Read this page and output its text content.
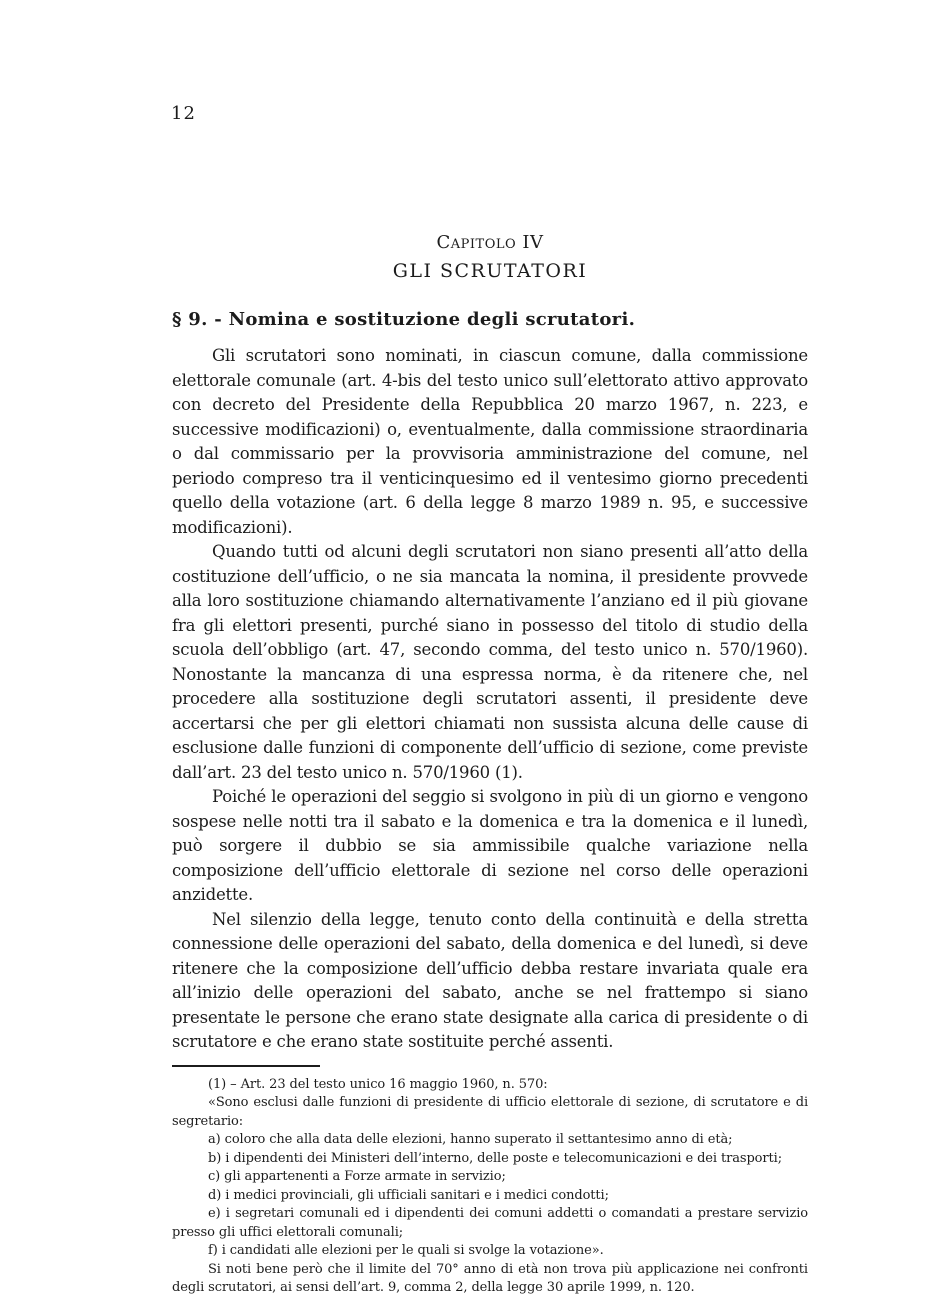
12
Capitolo IV
GLI SCRUTATORI
§ 9. - Nomina e sostituzione degli scrutatori.

Gli scrutatori sono nominati, in ciascun comune, dalla commissione elettorale comunale (art. 4-bis del testo unico sull’elettorato attivo approvato con decreto del Presidente della Repubblica 20 marzo 1967, n. 223, e successive modificazioni) o, eventualmente, dalla commissione straordinaria o dal commissario per la provvisoria amministrazione del comune, nel periodo compreso tra il venticinquesimo ed il ventesimo giorno precedenti quello della votazione (art. 6 della legge 8 marzo 1989 n. 95, e successive modificazioni).

Quando tutti od alcuni degli scrutatori non siano presenti all’atto della costituzione dell’ufficio, o ne sia mancata la nomina, il presidente provvede alla loro sostituzione chiamando alternativamente l’anziano ed il più giovane fra gli elettori presenti, purché siano in possesso del titolo di studio della scuola dell’obbligo (art. 47, secondo comma, del testo unico n. 570/1960). Nonostante la mancanza di una espressa norma, è da ritenere che, nel procedere alla sostituzione degli scrutatori assenti, il presidente deve accertarsi che per gli elettori chiamati non sussista alcuna delle cause di esclusione dalle funzioni di componente dell’ufficio di sezione, come previste dall’art. 23 del testo unico n. 570/1960 (1).

Poiché le operazioni del seggio si svolgono in più di un giorno e vengono sospese nelle notti tra il sabato e la domenica e tra la domenica e il lunedì, può sorgere il dubbio se sia ammissibile qualche variazione nella composizione dell’ufficio elettorale di sezione nel corso delle operazioni anzidette.

Nel silenzio della legge, tenuto conto della continuità e della stretta connessione delle operazioni del sabato, della domenica e del lunedì, si deve ritenere che la composizione dell’ufficio debba restare invariata quale era all’inizio delle operazioni del sabato, anche se nel frattempo si siano presentate le persone che erano state designate alla carica di presidente o di scrutatore e che erano state sostituite perché assenti.

(1) – Art. 23 del testo unico 16 maggio 1960, n. 570:

«Sono esclusi dalle funzioni di presidente di ufficio elettorale di sezione, di scrutatore e di segretario:

a) coloro che alla data delle elezioni, hanno superato il settantesimo anno di età;

b) i dipendenti dei Ministeri dell’interno, delle poste e telecomunicazioni e dei trasporti;

c) gli appartenenti a Forze armate in servizio;

d) i medici provinciali, gli ufficiali sanitari e i medici condotti;

e) i segretari comunali ed i dipendenti dei comuni addetti o comandati a prestare servizio presso gli uffici elettorali comunali;

f) i candidati alle elezioni per le quali si svolge la votazione».

Si noti bene però che il limite del 70° anno di età non trova più applicazione nei confronti degli scrutatori, ai sensi dell’art. 9, comma 2, della legge 30 aprile 1999, n. 120.
